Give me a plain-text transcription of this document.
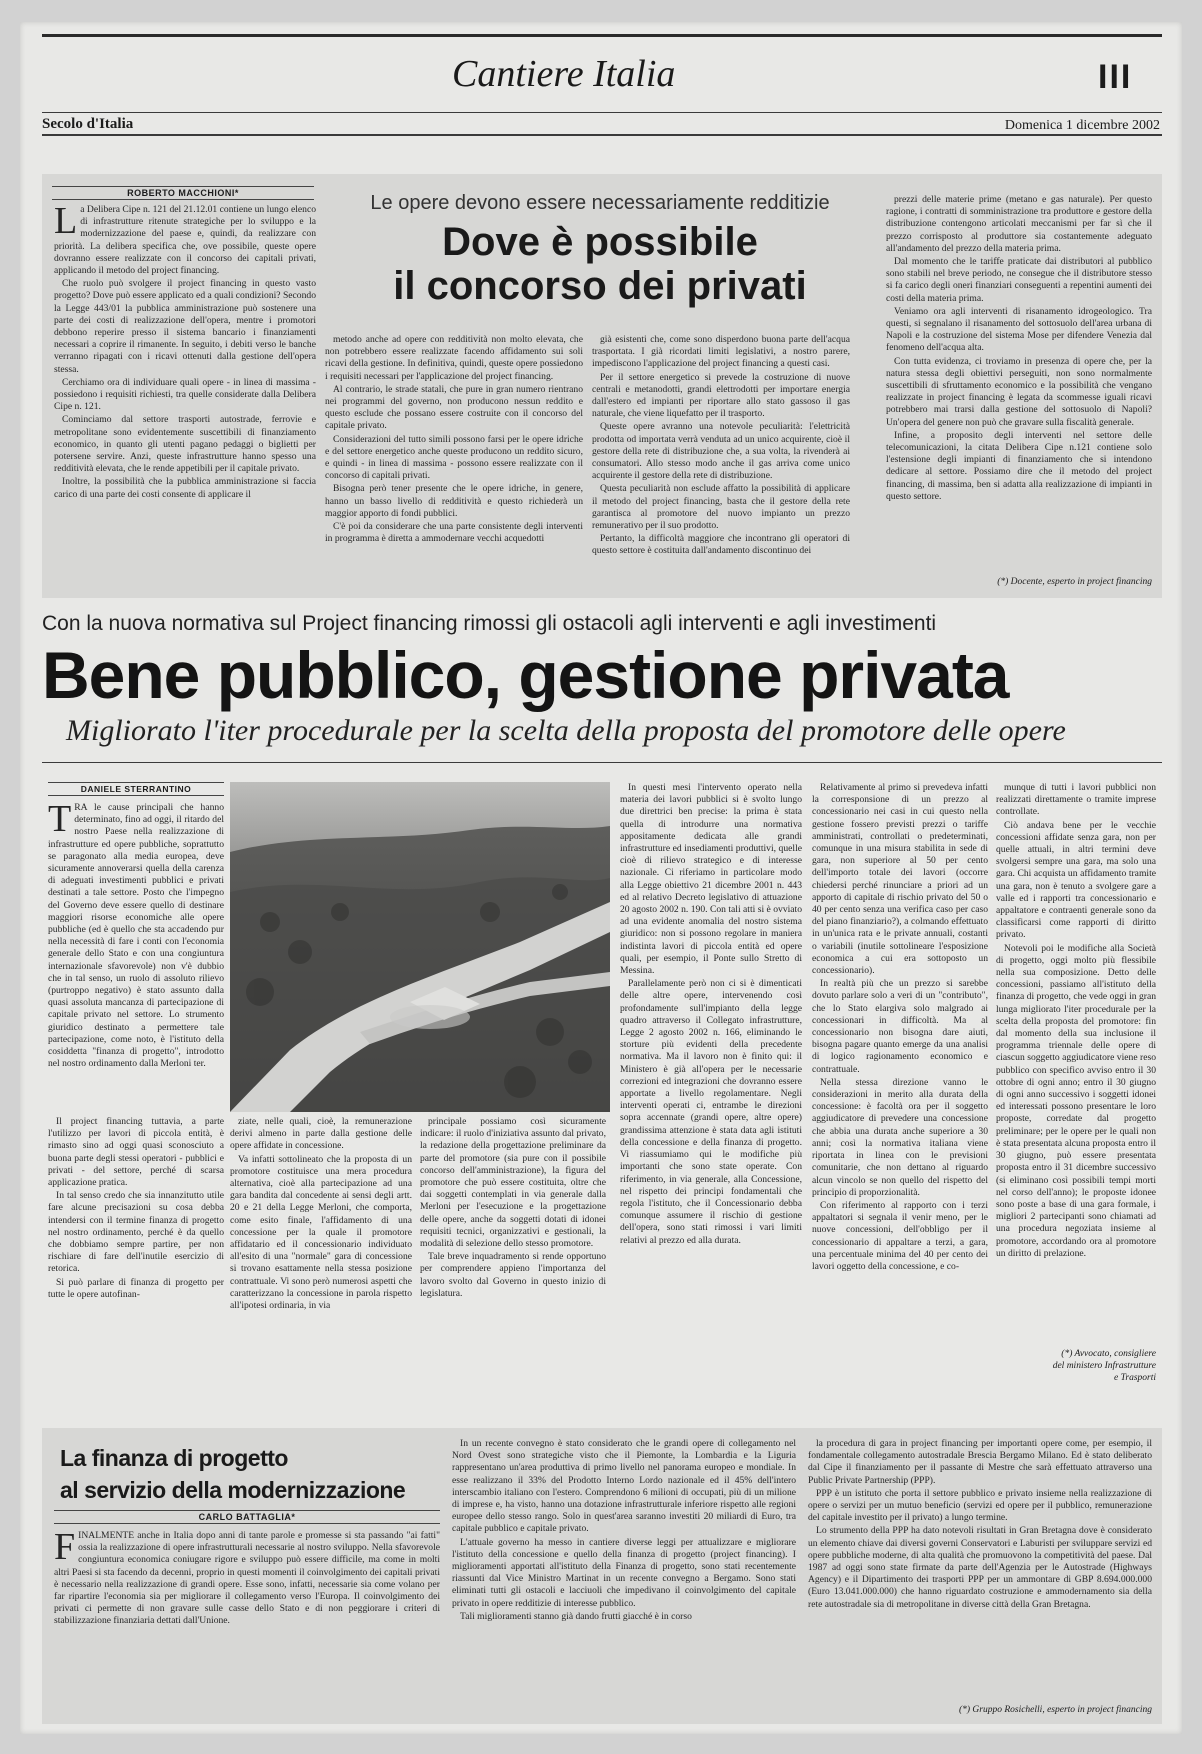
Cantiere Italia	III
Secolo d'Italia	Domenica 1 dicembre 2002
ROBERTO MACCHIONI*	Le opere devono essere necessariamente redditizie
Dove è possibile
il concorso dei privati

La Delibera Cipe n. 121 del 21.12.01 contiene un lungo elenco di infrastrutture ritenute strategiche per lo sviluppo e la modernizzazione del paese e, quindi, da realizzare con priorità. La delibera specifica che, ove possibile, queste opere dovranno essere realizzate con il concorso dei capitali privati, applicando il metodo del project financing.

Che ruolo può svolgere il project financing in questo vasto progetto? Dove può essere applicato ed a quali condizioni? Secondo la Legge 443/01 la pubblica amministrazione può sostenere una parte dei costi di realizzazione dell'opera, mentre i promotori debbono reperire presso il sistema bancario i finanziamenti necessari a coprire il rimanente. In seguito, i debiti verso le banche verranno ripagati con i ricavi ottenuti dalla gestione dell'opera stessa.

Cerchiamo ora di individuare quali opere - in linea di massima - possiedono i requisiti richiesti, tra quelle considerate dalla Delibera Cipe n. 121.

Cominciamo dal settore trasporti autostrade, ferrovie e metropolitane sono evidentemente suscettibili di finanziamento economico, in quanto gli utenti pagano pedaggi o biglietti per potersene servire. Anzi, queste infrastrutture hanno spesso una redditività elevata, che le rende appetibili per il capitale privato.

Inoltre, la possibilità che la pubblica amministrazione si faccia carico di una parte dei costi consente di applicare il

metodo anche ad opere con redditività non molto elevata, che non potrebbero essere realizzate facendo affidamento sui soli ricavi della gestione. In definitiva, quindi, queste opere possiedono i requisiti necessari per l'applicazione del project financing.

Al contrario, le strade statali, che pure in gran numero rientrano nei programmi del governo, non producono nessun reddito e questo esclude che possano essere costruite con il concorso del capitale privato.

Considerazioni del tutto simili possono farsi per le opere idriche e del settore energetico anche queste producono un reddito sicuro, e quindi - in linea di massima - possono essere realizzate con il concorso di capitali privati.

Bisogna però tener presente che le opere idriche, in genere, hanno un basso livello di redditività e questo richiederà un maggior apporto di fondi pubblici.

C'è poi da considerare che una parte consistente degli interventi in programma è diretta a ammodernare vecchi acquedotti

già esistenti che, come sono disperdono buona parte dell'acqua trasportata. I già ricordati limiti legislativi, a nostro parere, impediscono l'applicazione del project financing a questi casi.

Per il settore energetico si prevede la costruzione di nuove centrali e metanodotti, grandi elettrodotti per importare energia dall'estero ed impianti per riportare allo stato gassoso il gas naturale, che viene liquefatto per il trasporto.

Queste opere avranno una notevole peculiarità: l'elettricità prodotta od importata verrà venduta ad un unico acquirente, cioè il gestore della rete di distribuzione che, a sua volta, la rivenderà ai consumatori. Allo stesso modo anche il gas arriva come unico acquirente il gestore della rete di distribuzione.

Questa peculiarità non esclude affatto la possibilità di applicare il metodo del project financing, basta che il gestore della rete garantisca al promotore del nuovo impianto un prezzo remunerativo per il suo prodotto.

Pertanto, la difficoltà maggiore che incontrano gli operatori di questo settore è costituita dall'andamento discontinuo dei

prezzi delle materie prime (metano e gas naturale). Per questo ragione, i contratti di somministrazione tra produttore e gestore della distribuzione contengono articolati meccanismi per far sì che il prezzo corrisposto al produttore sia costantemente adeguato all'andamento del prezzo della materia prima.

Dal momento che le tariffe praticate dai distributori al pubblico sono stabili nel breve periodo, ne consegue che il distributore stesso si fa carico degli oneri finanziari conseguenti a repentini aumenti dei costi della materia prima.

Veniamo ora agli interventi di risanamento idrogeologico. Tra questi, si segnalano il risanamento del sottosuolo dell'area urbana di Napoli e la costruzione del sistema Mose per difendere Venezia dal fenomeno dell'acqua alta.

Con tutta evidenza, ci troviamo in presenza di opere che, per la natura stessa degli obiettivi perseguiti, non sono normalmente suscettibili di sfruttamento economico e la possibilità che vengano realizzate in project financing è legata da scommesse iguali ricavi potrebbero mai trarsi dalla gestione del sottosuolo di Napoli? Un'opera del genere non può che gravare sulla fiscalità generale.

Infine, a proposito degli interventi nel settore delle telecomunicazioni, la citata Delibera Cipe n.121 contiene solo l'estensione degli impianti di finanziamento che si intendono dedicare al settore. Possiamo dire che il metodo del project financing, di massima, ben si adatta alla realizzazione di impianti in questo settore.

(*) Docente, esperto in project financing
Con la nuova normativa sul Project financing rimossi gli ostacoli agli interventi e agli investimenti
Bene pubblico, gestione privata
Migliorato l'iter procedurale per la scelta della proposta del promotore delle opere
DANIELE STERRANTINO

TRA le cause principali che hanno determinato, fino ad oggi, il ritardo del nostro Paese nella realizzazione di infrastrutture ed opere pubbliche, soprattutto se paragonato alla media europea, deve sicuramente annoverarsi quella della carenza di adeguati investimenti pubblici e privati destinati a tale settore. Posto che l'impegno del Governo deve essere quello di destinare maggiori risorse economiche alle opere pubbliche (ed è quello che sta accadendo pur nella necessità di fare i conti con l'economia generale dello Stato e con una congiuntura internazionale sfavorevole) non v'è dubbio che in tal senso, un ruolo di assoluto rilievo (purtroppo negativo) è stato assunto dalla quasi assoluta mancanza di partecipazione di capitale privato nel settore. Lo strumento giuridico destinato a permettere tale partecipazione, come noto, è l'istituto della cosiddetta "finanza di progetto", introdotto nel nostro ordinamento dalla Merloni ter.

Il project financing tuttavia, a parte l'utilizzo per lavori di piccola entità, è rimasto sino ad oggi quasi sconosciuto a buona parte degli stessi operatori - pubblici e privati - del settore, perché di scarsa applicazione pratica.

In tal senso credo che sia innanzitutto utile fare alcune precisazioni su cosa debba intendersi con il termine finanza di progetto nel nostro ordinamento, perché è da quello che dobbiamo sempre partire, per non rischiare di fare dell'inutile esercizio di retorica.

Si può parlare di finanza di progetto per tutte le opere autofinan-

ziate, nelle quali, cioè, la remunerazione derivi almeno in parte dalla gestione delle opere affidate in concessione.

Va infatti sottolineato che la proposta di un promotore costituisce una mera procedura alternativa, cioè alla partecipazione ad una gara bandita dal concedente ai sensi degli artt. 20 e 21 della Legge Merloni, che comporta, come esito finale, l'affidamento di una concessione per la quale il promotore affidatario ed il concessionario individuato all'esito di una "normale" gara di concessione si trovano esattamente nella stessa posizione contrattuale. Vi sono però numerosi aspetti che caratterizzano la concessione in parola rispetto all'ipotesi ordinaria, in via

principale possiamo così sicuramente indicare: il ruolo d'iniziativa assunto dal privato, la redazione della progettazione preliminare da parte del promotore (sia pure con il possibile concorso dell'amministrazione), la figura del promotore che può essere costituita, oltre che dai soggetti contemplati in via generale dalla Merloni per l'esecuzione e la progettazione delle opere, anche da soggetti dotati di idonei requisiti tecnici, organizzativi e gestionali, la modalità di selezione dello stesso promotore.

Tale breve inquadramento si rende opportuno per comprendere appieno l'importanza del lavoro svolto dal Governo in questo inizio di legislatura.

In questi mesi l'intervento operato nella materia dei lavori pubblici si è svolto lungo due direttrici ben precise: la prima è stata quella di introdurre una normativa appositamente dedicata alle grandi infrastrutture ed insediamenti produttivi, quelle cioè di rilievo strategico e di interesse nazionale. Ci riferiamo in particolare modo alla Legge obiettivo 21 dicembre 2001 n. 443 ed al relativo Decreto legislativo di attuazione 20 agosto 2002 n. 190. Con tali atti si è ovviato ad una evidente anomalia del nostro sistema giuridico: non si possono regolare in maniera indistinta lavori di piccola entità ed opere quali, per esempio, il Ponte sullo Stretto di Messina.

Parallelamente però non ci si è dimenticati delle altre opere, intervenendo così profondamente sull'impianto della legge quadro attraverso il Collegato infrastrutture, Legge 2 agosto 2002 n. 166, eliminando le storture più evidenti della precedente normativa. Ma il lavoro non è finito qui: il Ministero è già all'opera per le necessarie correzioni ed integrazioni che dovranno essere apportate a livello regolamentare. Negli interventi operati ci, entrambe le direzioni sopra accennate (grandi opere, altre opere) grandissima attenzione è stata data agli istituti della concessione e della finanza di progetto. Vi riassumiamo qui le modifiche più importanti che sono state operate. Con riferimento, in via generale, alla Concessione, nel rispetto dei principi fondamentali che regola l'istituto, che il Concessionario debba comunque assumere il rischio di gestione dell'opera, sono stati rimossi i vari limiti relativi al prezzo ed alla durata.

Relativamente al primo si prevedeva infatti la corresponsione di un prezzo al concessionario nei casi in cui questo nella gestione fossero previsti prezzi o tariffe amministrati, controllati o predeterminati, comunque in una misura stabilita in sede di gara, non superiore al 50 per cento dell'importo totale dei lavori (occorre chiedersi perché rinunciare a priori ad un apporto di capitale di rischio privato del 50 o 40 per cento senza una verifica caso per caso del piano finanziario?), a colmando effettuato in un'unica rata e le private annuali, costanti o variabili (inutile sottolineare l'esposizione economica a cui era sottoposto un concessionario).

In realtà più che un prezzo si sarebbe dovuto parlare solo a veri di un "contributo", che lo Stato elargiva solo malgrado ai concessionari in difficoltà. Ma al concessionario non bisogna dare aiuti, bisogna pagare quanto emerge da una analisi di logico ragionamento economico e contrattuale.

Nella stessa direzione vanno le considerazioni in merito alla durata della concessione: è facoltà ora per il soggetto aggiudicatore di prevedere una concessione che abbia una durata anche superiore a 30 anni; così la normativa italiana viene riportata in linea con le previsioni comunitarie, che non dettano al riguardo alcun vincolo se non quello del rispetto del principio di proporzionalità.

Con riferimento al rapporto con i terzi appaltatori si segnala il venir meno, per le nuove concessioni, dell'obbligo per il concessionario di appaltare a terzi, a gara, una percentuale minima del 40 per cento dei lavori oggetto della concessione, e co-

munque di tutti i lavori pubblici non realizzati direttamente o tramite imprese controllate.

Ciò andava bene per le vecchie concessioni affidate senza gara, non per quelle attuali, in altri termini deve svolgersi sempre una gara, ma solo una gara. Chi acquista un affidamento tramite una gara, non è tenuto a svolgere gare a valle ed i rapporti tra concessionario e appaltatore e contraenti generale sono da classificarsi come rapporti di diritto privato.

Notevoli poi le modifiche alla Società di progetto, oggi molto più flessibile nella sua composizione. Detto delle concessioni, passiamo all'istituto della finanza di progetto, che vede oggi in gran lunga migliorato l'iter procedurale per la scelta della proposta del promotore: fin dal momento della sua inclusione il programma triennale delle opere di ciascun soggetto aggiudicatore viene reso pubblico con specifico avviso entro il 30 ottobre di ogni anno; entro il 30 giugno di ogni anno successivo i soggetti idonei ed interessati possono presentare le loro proposte, corredate dal progetto preliminare; per le opere per le quali non è stata presentata alcuna proposta entro il 30 giugno, può essere presentata proposta entro il 31 dicembre successivo (si eliminano così possibili tempi morti nel corso dell'anno); le proposte idonee sono poste a base di una gara formale, i migliori 2 partecipanti sono chiamati ad una procedura negoziata insieme al promotore, accordando ora al promotore un diritto di prelazione.

(*) Avvocato, consigliere
del ministero Infrastrutture
e Trasporti
La finanza di progetto
al servizio della modernizzazione
CARLO BATTAGLIA*

FINALMENTE anche in Italia dopo anni di tante parole e promesse si sta passando "ai fatti" ossia la realizzazione di opere infrastrutturali necessarie al nostro sviluppo. Nella sfavorevole congiuntura economica coniugare rigore e sviluppo può essere difficile, ma come in molti altri Paesi si sta facendo da decenni, proprio in questi momenti il coinvolgimento dei capitali privati è necessario nella realizzazione di grandi opere. Esse sono, infatti, necessarie sia come volano per far ripartire l'economia sia per migliorare il collegamento verso l'Europa. Il coinvolgimento dei privati ci permette di non gravare sulle casse dello Stato e di non peggiorare i criteri di stabilizzazione finanziaria dettati dall'Unione.

In un recente convegno è stato considerato che le grandi opere di collegamento nel Nord Ovest sono strategiche visto che il Piemonte, la Lombardia e la Liguria rappresentano un'area produttiva di primo livello nel panorama europeo e mondiale. In esse realizzano il 33% del Prodotto Interno Lordo nazionale ed il 45% dell'intero interscambio italiano con l'estero. Comprendono 6 milioni di occupati, più di un milione di imprese e, ha visto, hanno una dotazione infrastrutturale inferiore rispetto alle regioni europee dello stesso rango. Solo in quest'area saranno investiti 20 miliardi di Euro, tra capitale pubblico e capitale privato.

L'attuale governo ha messo in cantiere diverse leggi per attualizzare e migliorare l'istituto della concessione e quello della finanza di progetto (project financing). I miglioramenti apportati all'istituto della Finanza di progetto, sono stati recentemente riassunti dal Vice Ministro Martinat in un recente convegno a Bergamo. Sono stati eliminati tutti gli ostacoli e lacciuoli che impedivano il coinvolgimento del capitale privato in opere redditizie di interesse pubblico.

Tali miglioramenti stanno già dando frutti giacché è in corso

la procedura di gara in project financing per importanti opere come, per esempio, il fondamentale collegamento autostradale Brescia Bergamo Milano. Ed è stato deliberato dal Cipe il finanziamento per il passante di Mestre che sarà effettuato attraverso una Public Private Partnership (PPP).

PPP è un istituto che porta il settore pubblico e privato insieme nella realizzazione di opere o servizi per un mutuo beneficio (servizi ed opere per il pubblico, remunerazione del capitale investito per il privato) a lungo termine.

Lo strumento della PPP ha dato notevoli risultati in Gran Bretagna dove è considerato un elemento chiave dai diversi governi Conservatori e Laburisti per sviluppare servizi ed opere pubbliche moderne, di alta qualità che promuovono la competitività del paese. Dal 1987 ad oggi sono state firmate da parte dell'Agenzia per le Autostrade (Highways Agency) e il Dipartimento dei trasporti PPP per un ammontare di GBP 8.694.000.000 (Euro 13.041.000.000) che hanno riguardato costruzione e ammodernamento sia della rete autostradale sia di metropolitane in diverse città della Gran Bretagna.

(*) Gruppo Rosichelli, esperto in project financing
